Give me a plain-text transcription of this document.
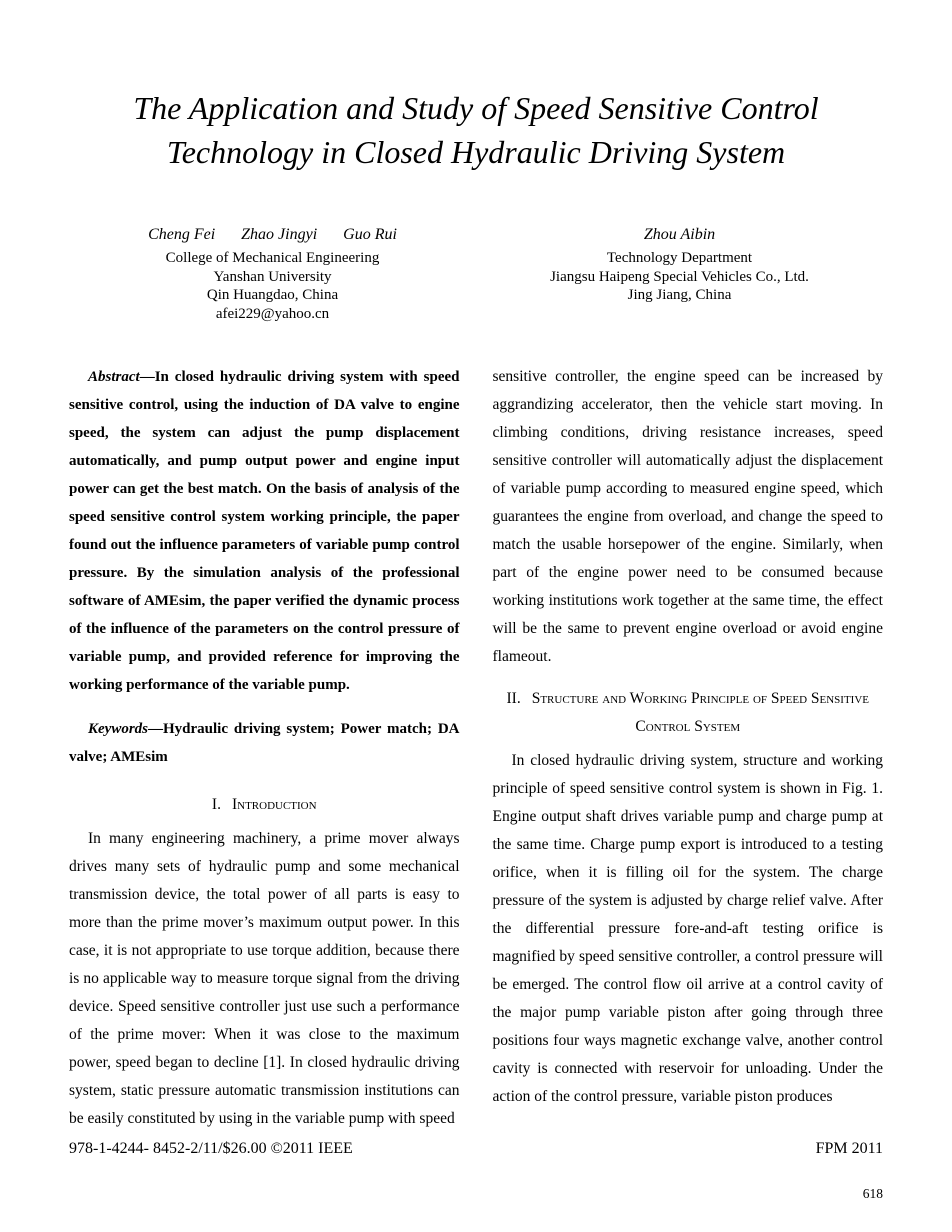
The Application and Study of Speed Sensitive Control Technology in Closed Hydraulic Driving System
Cheng Fei Zhao Jingyi Guo Rui
College of Mechanical Engineering
Yanshan University
Qin Huangdao, China
afei229@yahoo.cn
Zhou Aibin
Technology Department
Jiangsu Haipeng Special Vehicles Co., Ltd.
Jing Jiang, China

Abstract—In closed hydraulic driving system with speed sensitive control, using the induction of DA valve to engine speed, the system can adjust the pump displacement automatically, and pump output power and engine input power can get the best match. On the basis of analysis of the speed sensitive control system working principle, the paper found out the influence parameters of variable pump control pressure. By the simulation analysis of the professional software of AMEsim, the paper verified the dynamic process of the influence of the parameters on the control pressure of variable pump, and provided reference for improving the working performance of the variable pump.

Keywords—Hydraulic driving system; Power match; DA valve; AMEsim

I. Introduction

In many engineering machinery, a prime mover always drives many sets of hydraulic pump and some mechanical transmission device, the total power of all parts is easy to more than the prime mover’s maximum output power. In this case, it is not appropriate to use torque addition, because there is no applicable way to measure torque signal from the driving device. Speed sensitive controller just use such a performance of the prime mover: When it was close to the maximum power, speed began to decline [1]. In closed hydraulic driving system, static pressure automatic transmission institutions can be easily constituted by using in the variable pump with speed

sensitive controller, the engine speed can be increased by aggrandizing accelerator, then the vehicle start moving. In climbing conditions, driving resistance increases, speed sensitive controller will automatically adjust the displacement of variable pump according to measured engine speed, which guarantees the engine from overload, and change the speed to match the usable horsepower of the engine. Similarly, when part of the engine power need to be consumed because working institutions work together at the same time, the effect will be the same to prevent engine overload or avoid engine flameout.

II. Structure and Working Principle of Speed Sensitive Control System

In closed hydraulic driving system, structure and working principle of speed sensitive control system is shown in Fig. 1. Engine output shaft drives variable pump and charge pump at the same time. Charge pump export is introduced to a testing orifice, when it is filling oil for the system. The charge pressure of the system is adjusted by charge relief valve. After the differential pressure fore-and-aft testing orifice is magnified by speed sensitive controller, a control pressure will be emerged. The control flow oil arrive at a control cavity of the major pump variable piston after going through three positions four ways magnetic exchange valve, another control cavity is connected with reservoir for unloading. Under the action of the control pressure, variable piston produces

978-1-4244- 8452-2/11/$26.00 ©2011 IEEE	FPM 2011
618
